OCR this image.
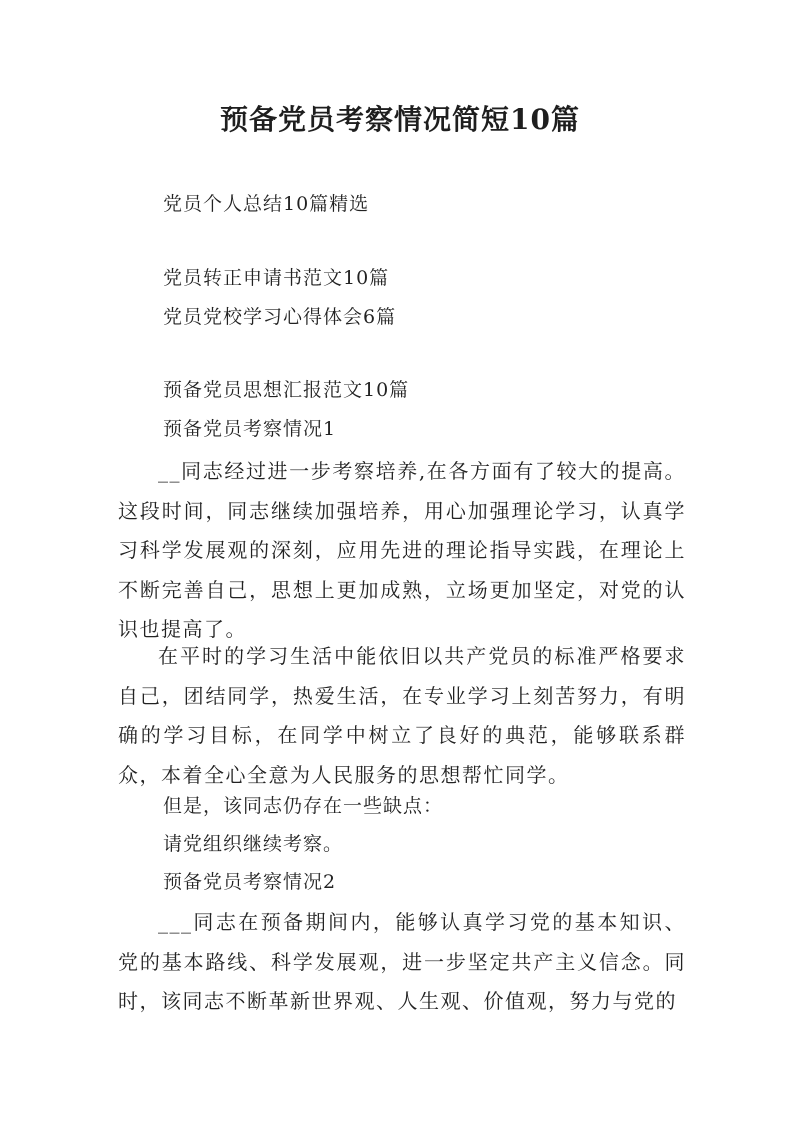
预备党员考察情况简短10篇
党员个人总结10篇精选
党员转正申请书范文10篇
党员党校学习心得体会6篇
预备党员思想汇报范文10篇
预备党员考察情况1

__同志经过进一步考察培养,在各方面有了较大的提高。这段时间，同志继续加强培养，用心加强理论学习，认真学习科学发展观的深刻，应用先进的理论指导实践，在理论上不断完善自己，思想上更加成熟，立场更加坚定，对党的认识也提高了。

在平时的学习生活中能依旧以共产党员的标准严格要求自己，团结同学，热爱生活，在专业学习上刻苦努力，有明确的学习目标，在同学中树立了良好的典范，能够联系群众，本着全心全意为人民服务的思想帮忙同学。

但是，该同志仍存在一些缺点：
请党组织继续考察。
预备党员考察情况2

___同志在预备期间内，能够认真学习党的基本知识、党的基本路线、科学发展观，进一步坚定共产主义信念。同时，该同志不断革新世界观、人生观、价值观，努力与党的
